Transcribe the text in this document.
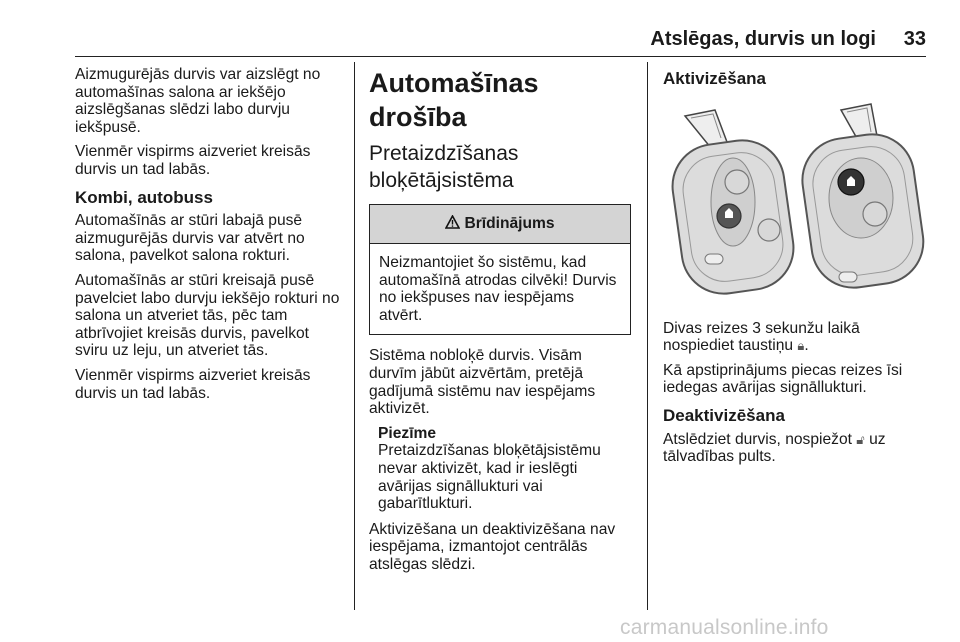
Atslēgas, durvis un logi 33

Aizmugurējās durvis var aizslēgt no automašīnas salona ar iekšējo aizslēgšanas slēdzi labo durvju iekšpusē.

Vienmēr vispirms aizveriet kreisās durvis un tad labās.

Kombi, autobuss

Automašīnās ar stūri labajā pusē aizmugurējās durvis var atvērt no salona, pavelkot salona rokturi.

Automašīnās ar stūri kreisajā pusē pavelciet labo durvju iekšējo rokturi no salona un atveriet tās, pēc tam atbrīvojiet kreisās durvis, pavelkot sviru uz leju, un atveriet tās.

Vienmēr vispirms aizveriet kreisās durvis un tad labās.

Automašīnas drošība
Pretaizdzīšanas
bloķētājsistēma
Brīdinājums
Neizmantojiet šo sistēmu, kad automašīnā atrodas cilvēki! Durvis no iekšpuses nav iespējams atvērt.

Sistēma nobloķē durvis. Visām durvīm jābūt aizvērtām, pretējā gadījumā sistēmu nav iespējams aktivizēt.

Piezīme

Pretaizdzīšanas bloķētājsistēmu nevar aktivizēt, kad ir ieslēgti avārijas signāllukturi vai gabarītlukturi.

Aktivizēšana un deaktivizēšana nav iespējama, izmantojot centrālās atslēgas slēdzi.

Aktivizēšana

Divas reizes 3 sekunžu laikā nospiediet taustiņu 🔒︎.

Kā apstiprinājums piecas reizes īsi iedegas avārijas signāllukturi.

Deaktivizēšana

Atslēdziet durvis, nospiežot 🔓︎ uz tālvadības pults.

carmanualsonline.info
